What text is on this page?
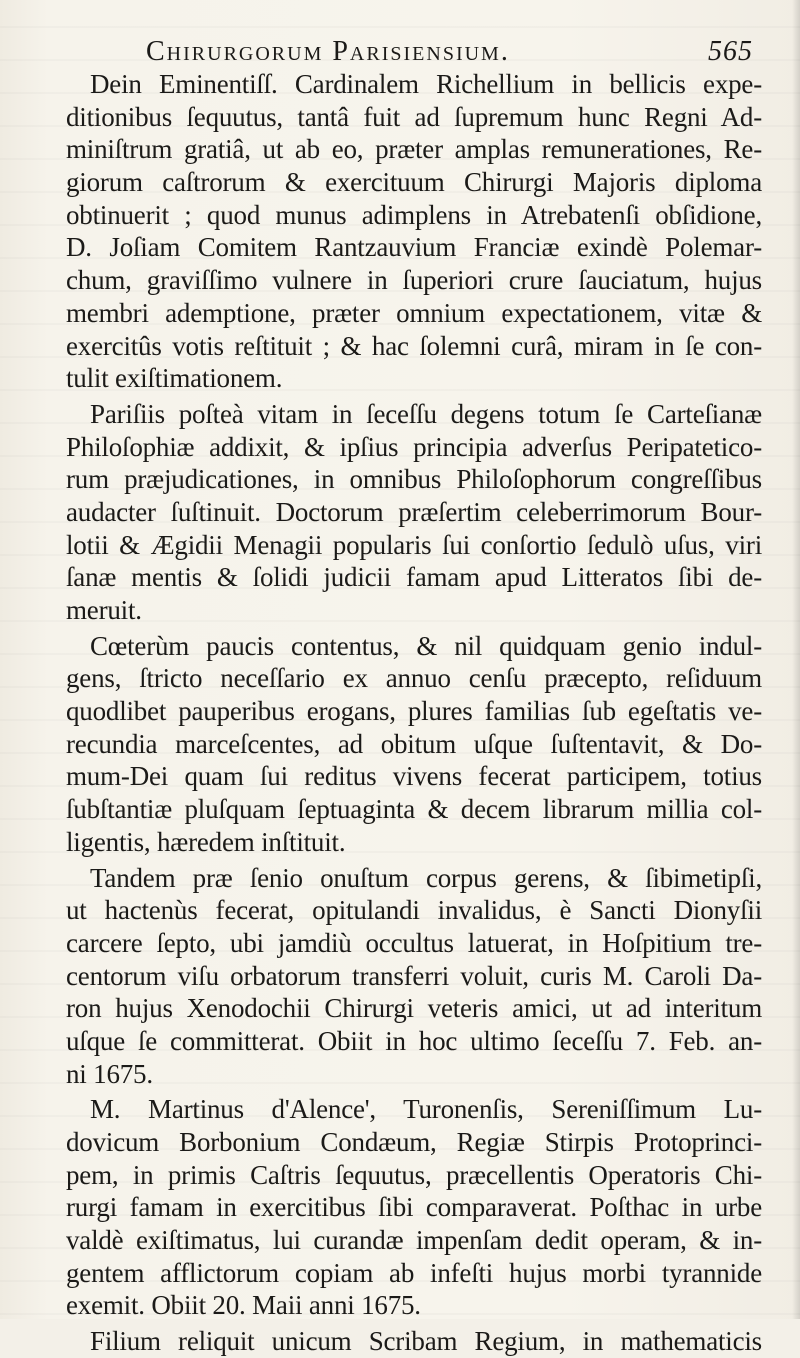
Chirurgorum Parisiensium.	565
Dein Eminentiſſ. Cardinalem Richellium in bellicis expe-
ditionibus ſequutus, tantâ fuit ad ſupremum hunc Regni Ad-
miniſtrum gratiâ, ut ab eo, præter amplas remunerationes, Re-
giorum caſtrorum & exercituum Chirurgi Majoris diploma
obtinuerit ; quod munus adimplens in Atrebatenſi obſidione,
D. Joſiam Comitem Rantzauvium Franciæ exindè Polemar-
chum, graviſſimo vulnere in ſuperiori crure ſauciatum, hujus
membri ademptione, præter omnium expectationem, vitæ &
exercitûs votis reſtituit ; & hac ſolemni curâ, miram in ſe con-
tulit exiſtimationem.
Pariſiis poſteà vitam in ſeceſſu degens totum ſe Carteſianæ
Philoſophiæ addixit, & ipſius principia adverſus Peripatetico-
rum præjudicationes, in omnibus Philoſophorum congreſſibus
audacter ſuſtinuit. Doctorum præſertim celeberrimorum Bour-
lotii & Ægidii Menagii popularis ſui conſortio ſedulò uſus, viri
ſanæ mentis & ſolidi judicii famam apud Litteratos ſibi de-
meruit.
Cœterùm paucis contentus, & nil quidquam genio indul-
gens, ſtricto neceſſario ex annuo cenſu præcepto, reſiduum
quodlibet pauperibus erogans, plures familias ſub egeſtatis ve-
recundia marceſcentes, ad obitum uſque ſuſtentavit, & Do-
mum-Dei quam ſui reditus vivens fecerat participem, totius
ſubſtantiæ pluſquam ſeptuaginta & decem librarum millia col-
ligentis, hæredem inſtituit.
Tandem præ ſenio onuſtum corpus gerens, & ſibimetipſi,
ut hactenùs fecerat, opitulandi invalidus, è Sancti Dionyſii
carcere ſepto, ubi jamdiù occultus latuerat, in Hoſpitium tre-
centorum viſu orbatorum transferri voluit, curis M. Caroli Da-
ron hujus Xenodochii Chirurgi veteris amici, ut ad interitum
uſque ſe committerat. Obiit in hoc ultimo ſeceſſu 7. Feb. an-
ni 1675.
M. Martinus d'Alence', Turonenſis, Sereniſſimum Lu-
dovicum Borbonium Condæum, Regiæ Stirpis Protoprinci-
pem, in primis Caſtris ſequutus, præcellentis Operatoris Chi-
rurgi famam in exercitibus ſibi comparaverat. Poſthac in urbe
valdè exiſtimatus, lui curandæ impenſam dedit operam, & in-
gentem afflictorum copiam ab infeſti hujus morbi tyrannide
exemit. Obiit 20. Maii anni 1675.
Filium reliquit unicum Scribam Regium, in mathematicis
